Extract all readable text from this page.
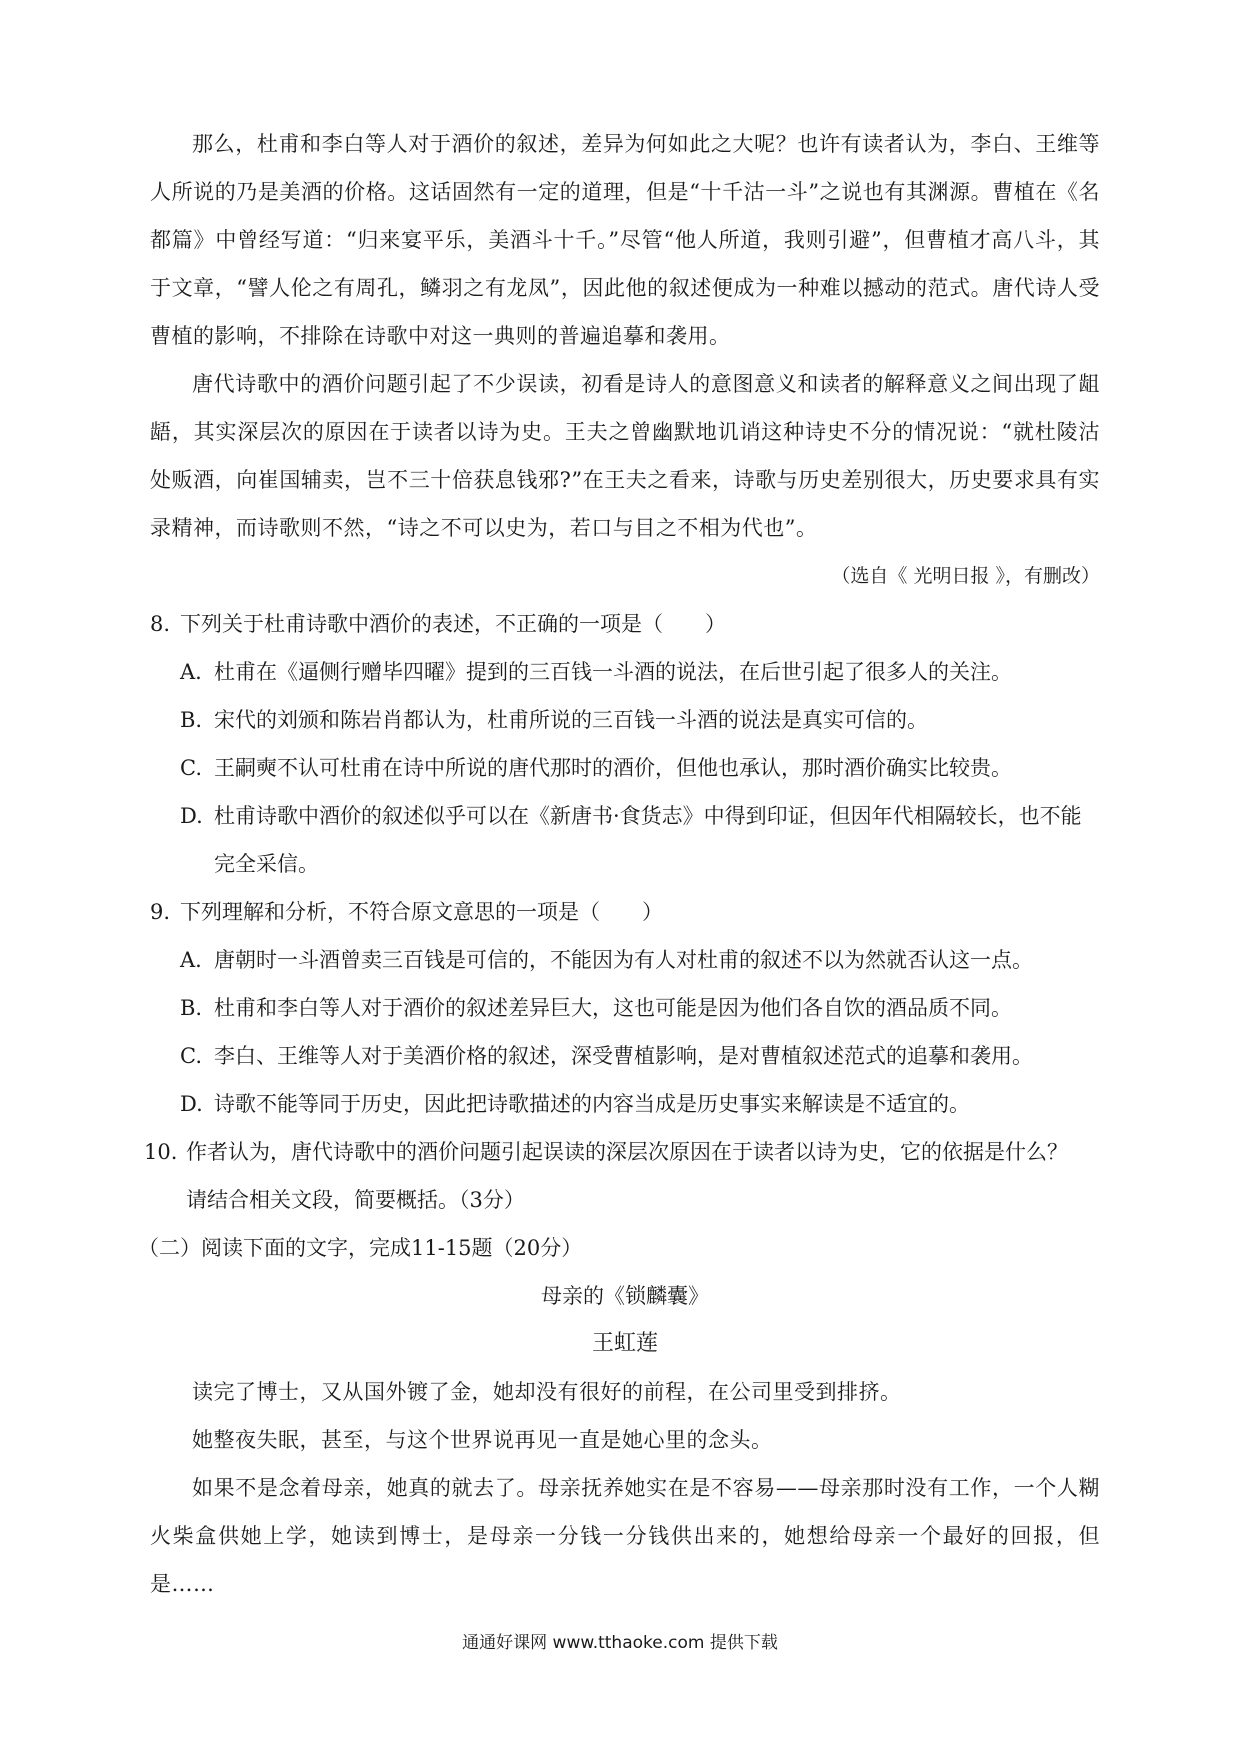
那么，杜甫和李白等人对于酒价的叙述，差异为何如此之大呢？也许有读者认为，李白、王维等人所说的乃是美酒的价格。这话固然有一定的道理，但是“十千沽一斗”之说也有其渊源。曹植在《名都篇》中曾经写道：“归来宴平乐，美酒斗十千。”尽管“他人所道，我则引避”，但曹植才高八斗，其于文章，“譬人伦之有周孔，鳞羽之有龙凤”，因此他的叙述便成为一种难以撼动的范式。唐代诗人受曹植的影响，不排除在诗歌中对这一典则的普遍追摹和袭用。

唐代诗歌中的酒价问题引起了不少误读，初看是诗人的意图意义和读者的解释意义之间出现了龃龉，其实深层次的原因在于读者以诗为史。王夫之曾幽默地讥诮这种诗史不分的情况说：“就杜陵沽处贩酒，向崔国辅卖，岂不三十倍获息钱邪?”在王夫之看来，诗歌与历史差别很大，历史要求具有实录精神，而诗歌则不然，“诗之不可以史为，若口与目之不相为代也”。

（选自《 光明日报 》，有删改）

8. 下列关于杜甫诗歌中酒价的表述，不正确的一项是（　　）

A. 杜甫在《逼侧行赠毕四曜》提到的三百钱一斗酒的说法，在后世引起了很多人的关注。

B. 宋代的刘颁和陈岩肖都认为，杜甫所说的三百钱一斗酒的说法是真实可信的。

C. 王嗣奭不认可杜甫在诗中所说的唐代那时的酒价，但他也承认，那时酒价确实比较贵。

D. 杜甫诗歌中酒价的叙述似乎可以在《新唐书·食货志》中得到印证，但因年代相隔较长，也不能完全采信。

9. 下列理解和分析，不符合原文意思的一项是（　　）

A. 唐朝时一斗酒曾卖三百钱是可信的，不能因为有人对杜甫的叙述不以为然就否认这一点。

B. 杜甫和李白等人对于酒价的叙述差异巨大，这也可能是因为他们各自饮的酒品质不同。

C. 李白、王维等人对于美酒价格的叙述，深受曹植影响，是对曹植叙述范式的追摹和袭用。

D. 诗歌不能等同于历史，因此把诗歌描述的内容当成是历史事实来解读是不适宜的。

10. 作者认为，唐代诗歌中的酒价问题引起误读的深层次原因在于读者以诗为史，它的依据是什么？

请结合相关文段，简要概括。（3分）

（二）阅读下面的文字，完成11-15题（20分）

母亲的《锁麟囊》

王虹莲

读完了博士，又从国外镀了金，她却没有很好的前程，在公司里受到排挤。

她整夜失眠，甚至，与这个世界说再见一直是她心里的念头。

如果不是念着母亲，她真的就去了。母亲抚养她实在是不容易——母亲那时没有工作，一个人糊火柴盒供她上学，她读到博士，是母亲一分钱一分钱供出来的，她想给母亲一个最好的回报，但是……

通通好课网 www.tthaoke.com 提供下载
